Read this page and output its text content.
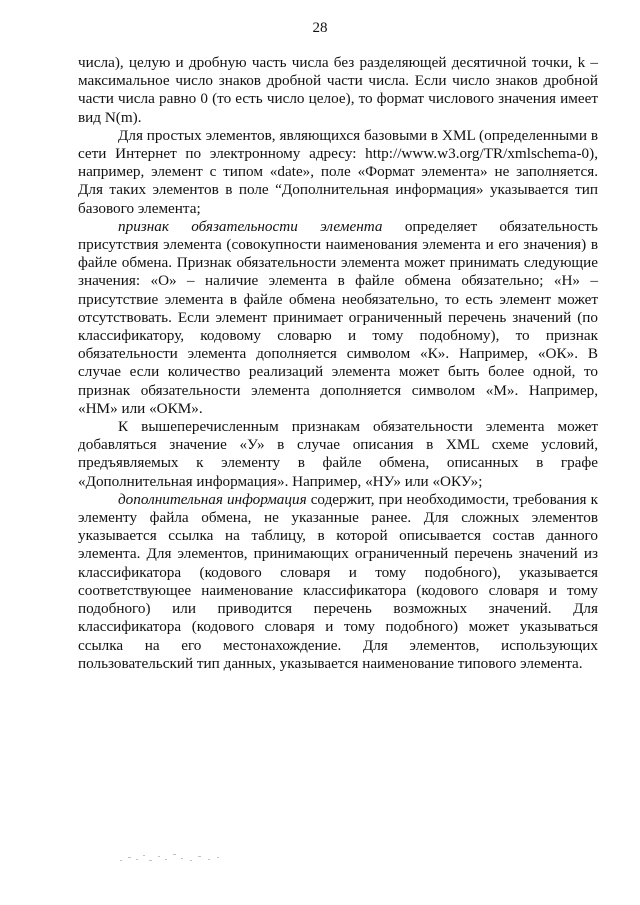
28
числа), целую и дробную часть числа без разделяющей десятичной точки, k –
максимальное число знаков дробной части числа. Если число знаков дробной
части числа равно 0 (то есть число целое), то формат числового значения имеет
вид N(m).
Для простых элементов, являющихся базовыми в XML (определенными в
сети Интернет по электронному адресу: http://www.w3.org/TR/xmlschema-0),
например, элемент с типом «date», поле «Формат элемента» не заполняется.
Для таких элементов в поле “Дополнительная информация» указывается тип
базового элемента;
признак обязательности элемента определяет обязательность
присутствия элемента (совокупности наименования элемента и его значения) в
файле обмена. Признак обязательности элемента может принимать следующие
значения: «О» – наличие элемента в файле обмена обязательно; «Н» –
присутствие элемента в файле обмена необязательно, то есть элемент может
отсутствовать. Если элемент принимает ограниченный перечень значений (по
классификатору, кодовому словарю и тому подобному), то признак
обязательности элемента дополняется символом «К». Например, «ОК». В
случае если количество реализаций элемента может быть более одной, то
признак обязательности элемента дополняется символом «М». Например,
«НМ» или «ОКМ».
К вышеперечисленным признакам обязательности элемента может
добавляться значение «У» в случае описания в XML схеме условий,
предъявляемых к элементу в файле обмена, описанных в графе
«Дополнительная информация». Например, «НУ» или «ОКУ»;
дополнительная информация содержит, при необходимости, требования к
элементу файла обмена, не указанные ранее. Для сложных элементов
указывается ссылка на таблицу, в которой описывается состав данного
элемента. Для элементов, принимающих ограниченный перечень значений из
классификатора (кодового словаря и тому подобного), указывается
соответствующее наименование классификатора (кодового словаря и тому
подобного) или приводится перечень возможных значений. Для
классификатора (кодового словаря и тому подобного) может указываться
ссылка на его местонахождение. Для элементов, использующих
пользовательский тип данных, указывается наименование типового элемента.
